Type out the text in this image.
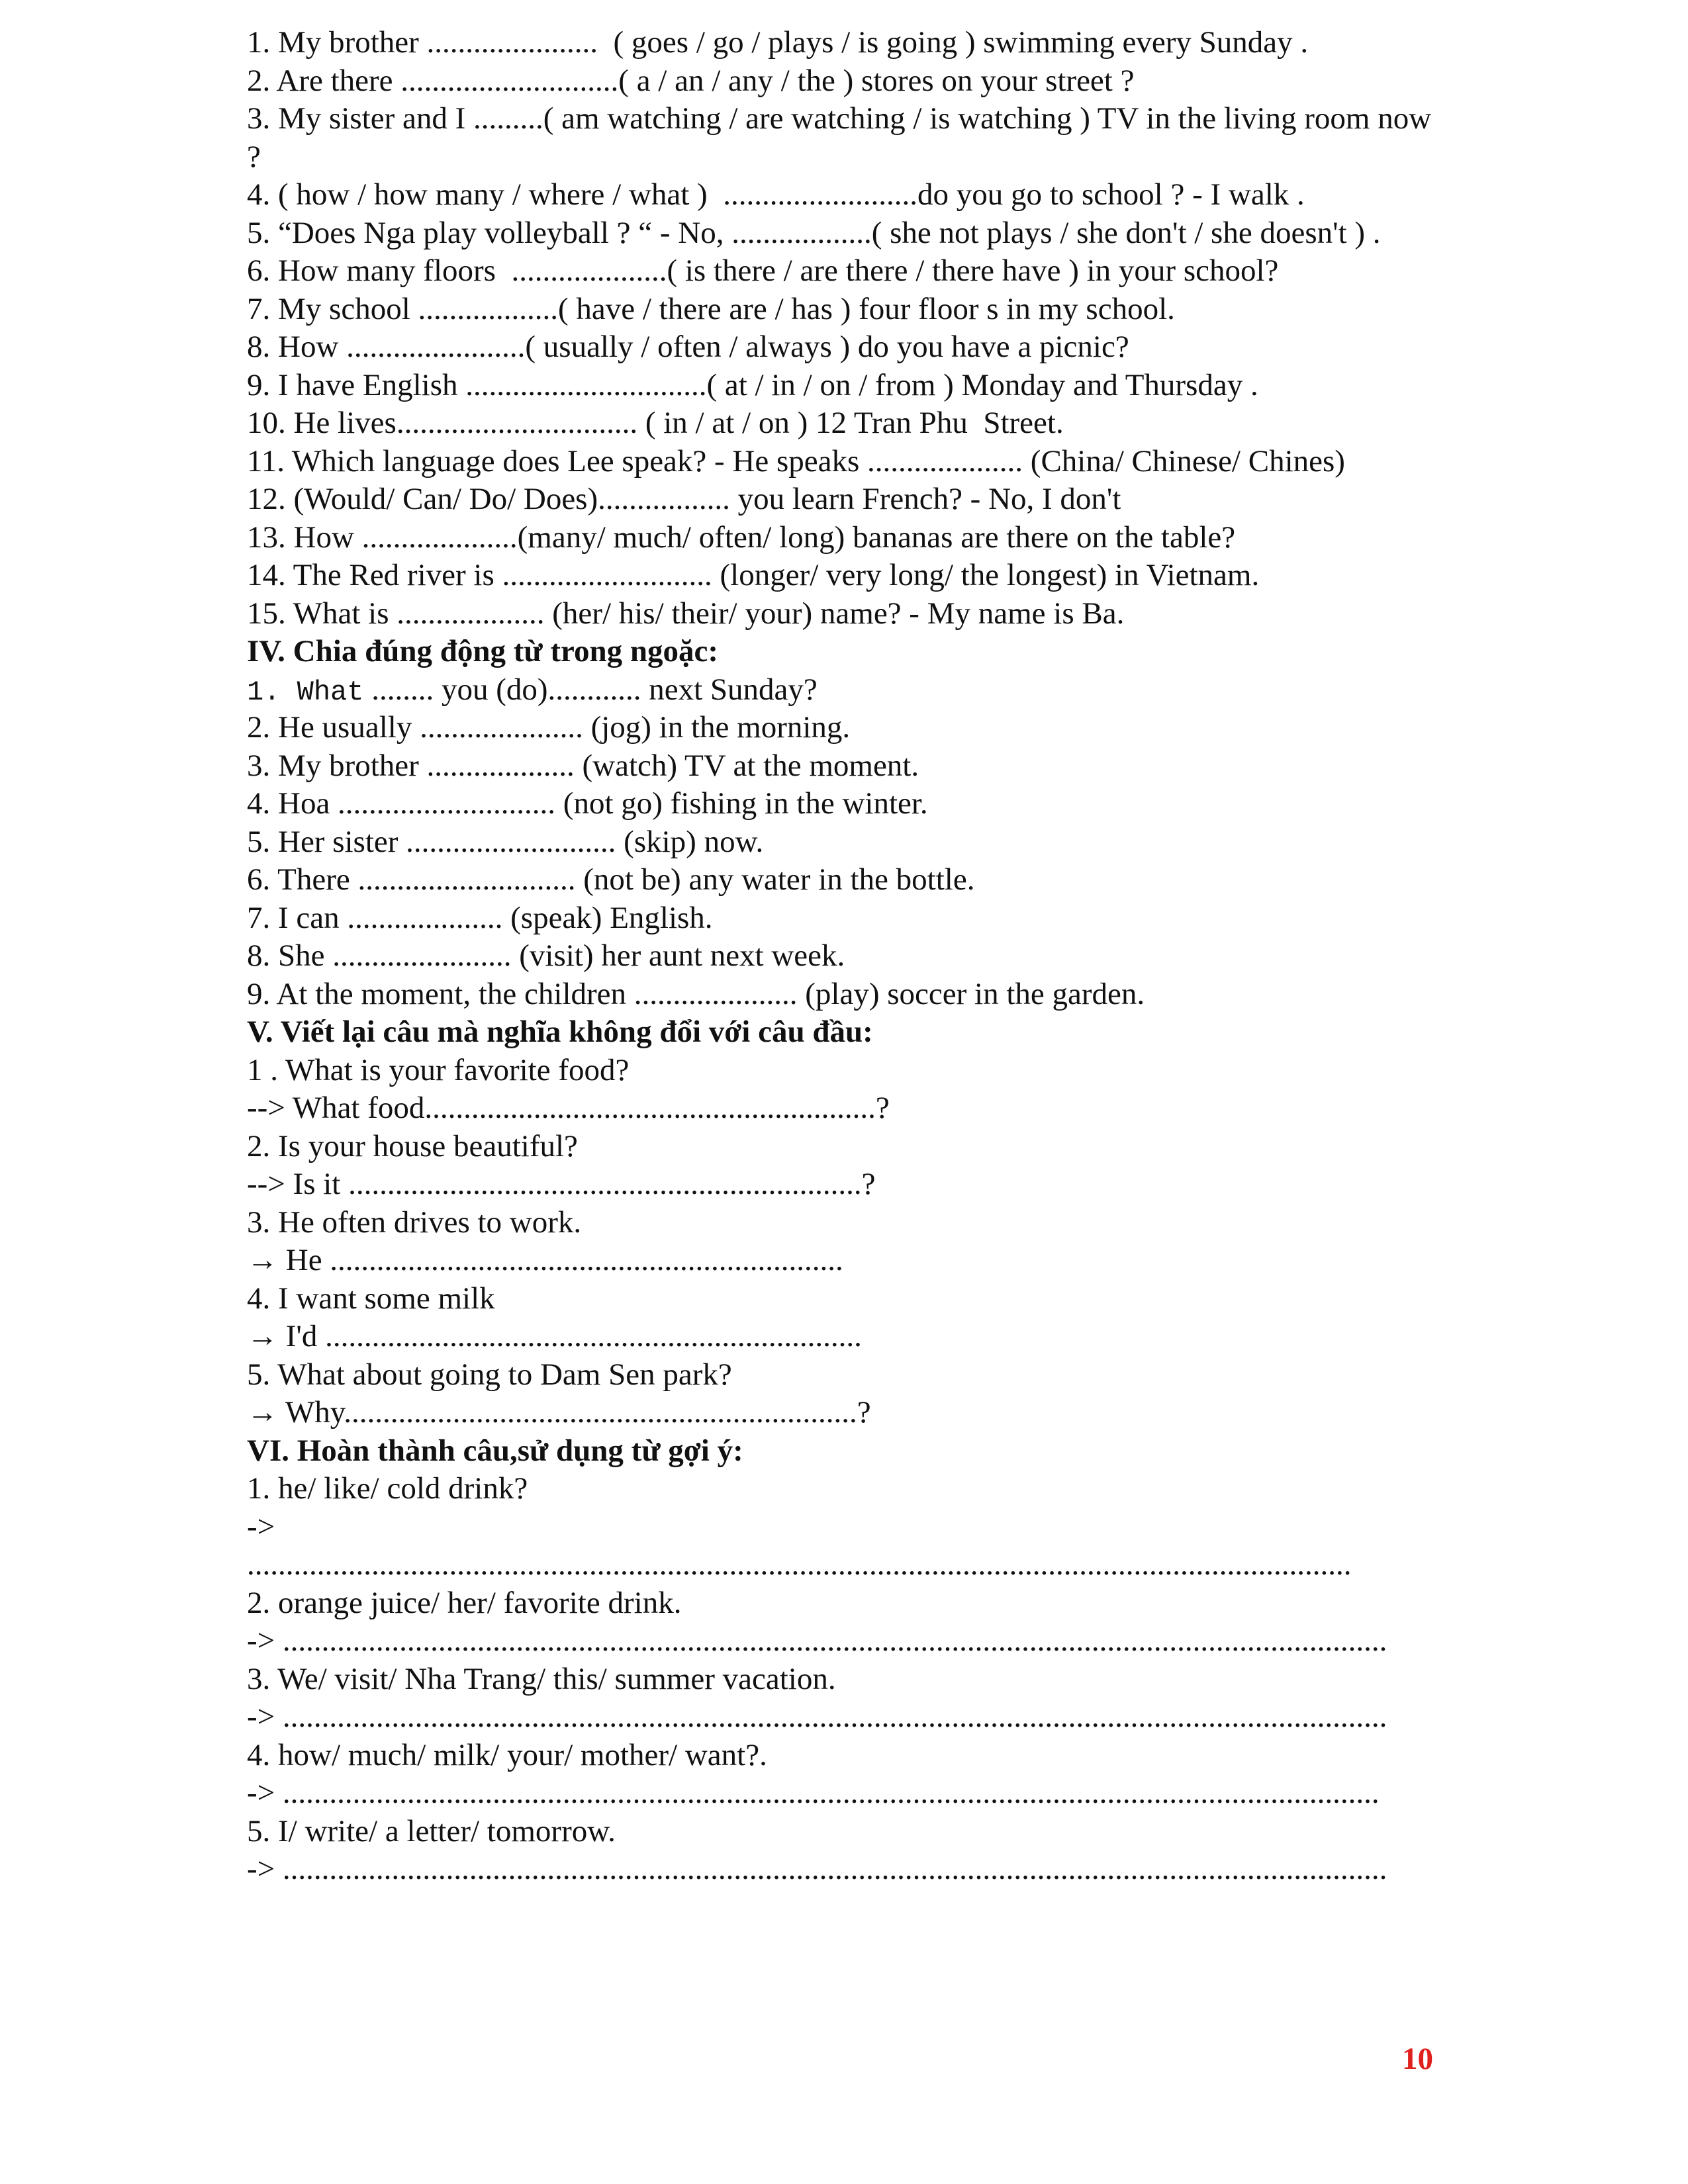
1. My brother ......................  ( goes / go / plays / is going ) swimming every Sunday .
2. Are there ............................( a / an / any / the ) stores on your street ?
3. My sister and I .........( am watching / are watching / is watching ) TV in the living room now ?
4. ( how / how many / where / what )  .........................do you go to school ? - I walk .
5. “Does Nga play volleyball ? “ - No, ..................( she not plays / she don't / she doesn't ) .
6. How many floors  ....................( is there / are there / there have ) in your school?
7. My school ..................( have / there are / has ) four floor s in my school.
8. How .......................( usually / often / always ) do you have a picnic?
9. I have English ...............................( at / in / on / from ) Monday and Thursday .
10. He lives............................... ( in / at / on ) 12 Tran Phu  Street.
11. Which language does Lee speak? - He speaks .................... (China/ Chinese/ Chines)
12. (Would/ Can/ Do/ Does)................. you learn French? - No, I don't
13. How ....................(many/ much/ often/ long) bananas are there on the table?
14. The Red river is ........................... (longer/ very long/ the longest) in Vietnam.
15. What is ................... (her/ his/ their/ your) name? - My name is Ba.
IV. Chia đúng động từ trong ngoặc:
1. What ........ you (do)............ next Sunday?
2. He usually ..................... (jog) in the morning.
3. My brother ................... (watch) TV at the moment.
4. Hoa ............................ (not go) fishing in the winter.
5. Her sister ........................... (skip) now.
6. There ............................ (not be) any water in the bottle.
7. I can .................... (speak) English.
8. She ....................... (visit) her aunt next week.
9. At the moment, the children ..................... (play) soccer in the garden.
V. Viết lại câu mà nghĩa không đổi với câu đầu:
1 . What is your favorite food?
--> What food..........................................................?
2. Is your house beautiful?
--> Is it ..................................................................?
3. He often drives to work.
→ He ..................................................................
4. I want some milk
→ I'd .....................................................................
5. What about going to Dam Sen park?
→ Why..................................................................?
VI. Hoàn thành câu,sử dụng từ gợi ý:
1. he/ like/ cold drink?
->
..............................................................................................................................................
2. orange juice/ her/ favorite drink.
-> ..............................................................................................................................................
3. We/ visit/ Nha Trang/ this/ summer vacation.
-> ..............................................................................................................................................
4. how/ much/ milk/ your/ mother/ want?.
-> .............................................................................................................................................
5. I/ write/ a letter/ tomorrow.
-> ..............................................................................................................................................
10
